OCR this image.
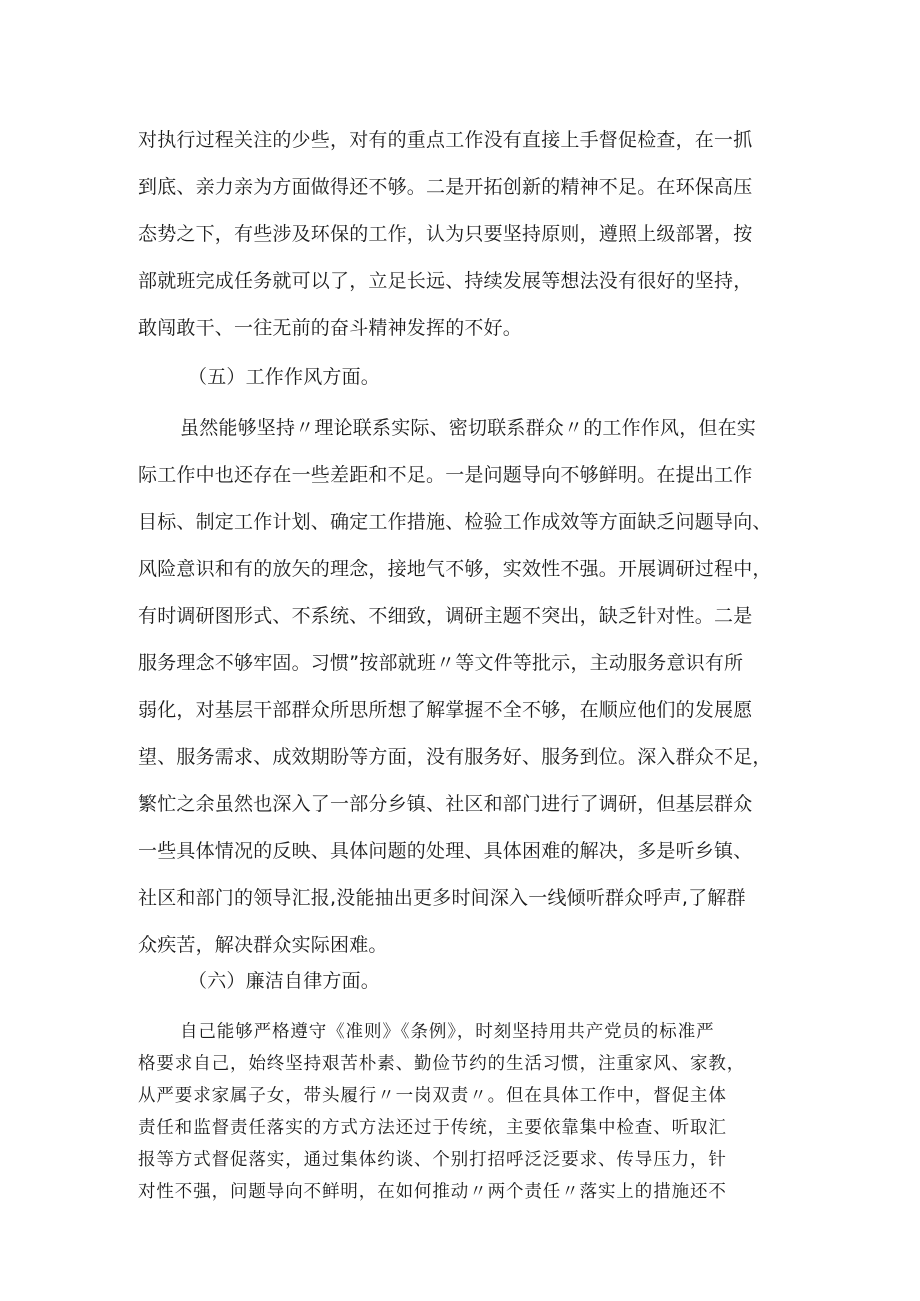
对执行过程关注的少些，对有的重点工作没有直接上手督促检查，在一抓
到底、亲力亲为方面做得还不够。二是开拓创新的精神不足。在环保高压
态势之下，有些涉及环保的工作，认为只要坚持原则，遵照上级部署，按
部就班完成任务就可以了，立足长远、持续发展等想法没有很好的坚持，
敢闯敢干、一往无前的奋斗精神发挥的不好。
（五）工作作风方面。
虽然能够坚持〃理论联系实际、密切联系群众〃的工作作风，但在实
际工作中也还存在一些差距和不足。一是问题导向不够鲜明。在提出工作
目标、制定工作计划、确定工作措施、检验工作成效等方面缺乏问题导向、
风险意识和有的放矢的理念，接地气不够，实效性不强。开展调研过程中，
有时调研图形式、不系统、不细致，调研主题不突出，缺乏针对性。二是
服务理念不够牢固。习惯”按部就班〃等文件等批示，主动服务意识有所
弱化，对基层干部群众所思所想了解掌握不全不够，在顺应他们的发展愿
望、服务需求、成效期盼等方面，没有服务好、服务到位。深入群众不足，
繁忙之余虽然也深入了一部分乡镇、社区和部门进行了调研，但基层群众
一些具体情况的反映、具体问题的处理、具体困难的解决，多是听乡镇、
社区和部门的领导汇报,没能抽出更多时间深入一线倾听群众呼声,了解群
众疾苦，解决群众实际困难。
（六）廉洁自律方面。
自己能够严格遵守《准则》《条例》，时刻坚持用共产党员的标准严
格要求自己，始终坚持艰苦朴素、勤俭节约的生活习惯，注重家风、家教，
从严要求家属子女，带头履行〃一岗双责〃。但在具体工作中，督促主体
责任和监督责任落实的方式方法还过于传统，主要依靠集中检查、听取汇
报等方式督促落实，通过集体约谈、个别打招呼泛泛要求、传导压力，针
对性不强，问题导向不鲜明，在如何推动〃两个责任〃落实上的措施还不
